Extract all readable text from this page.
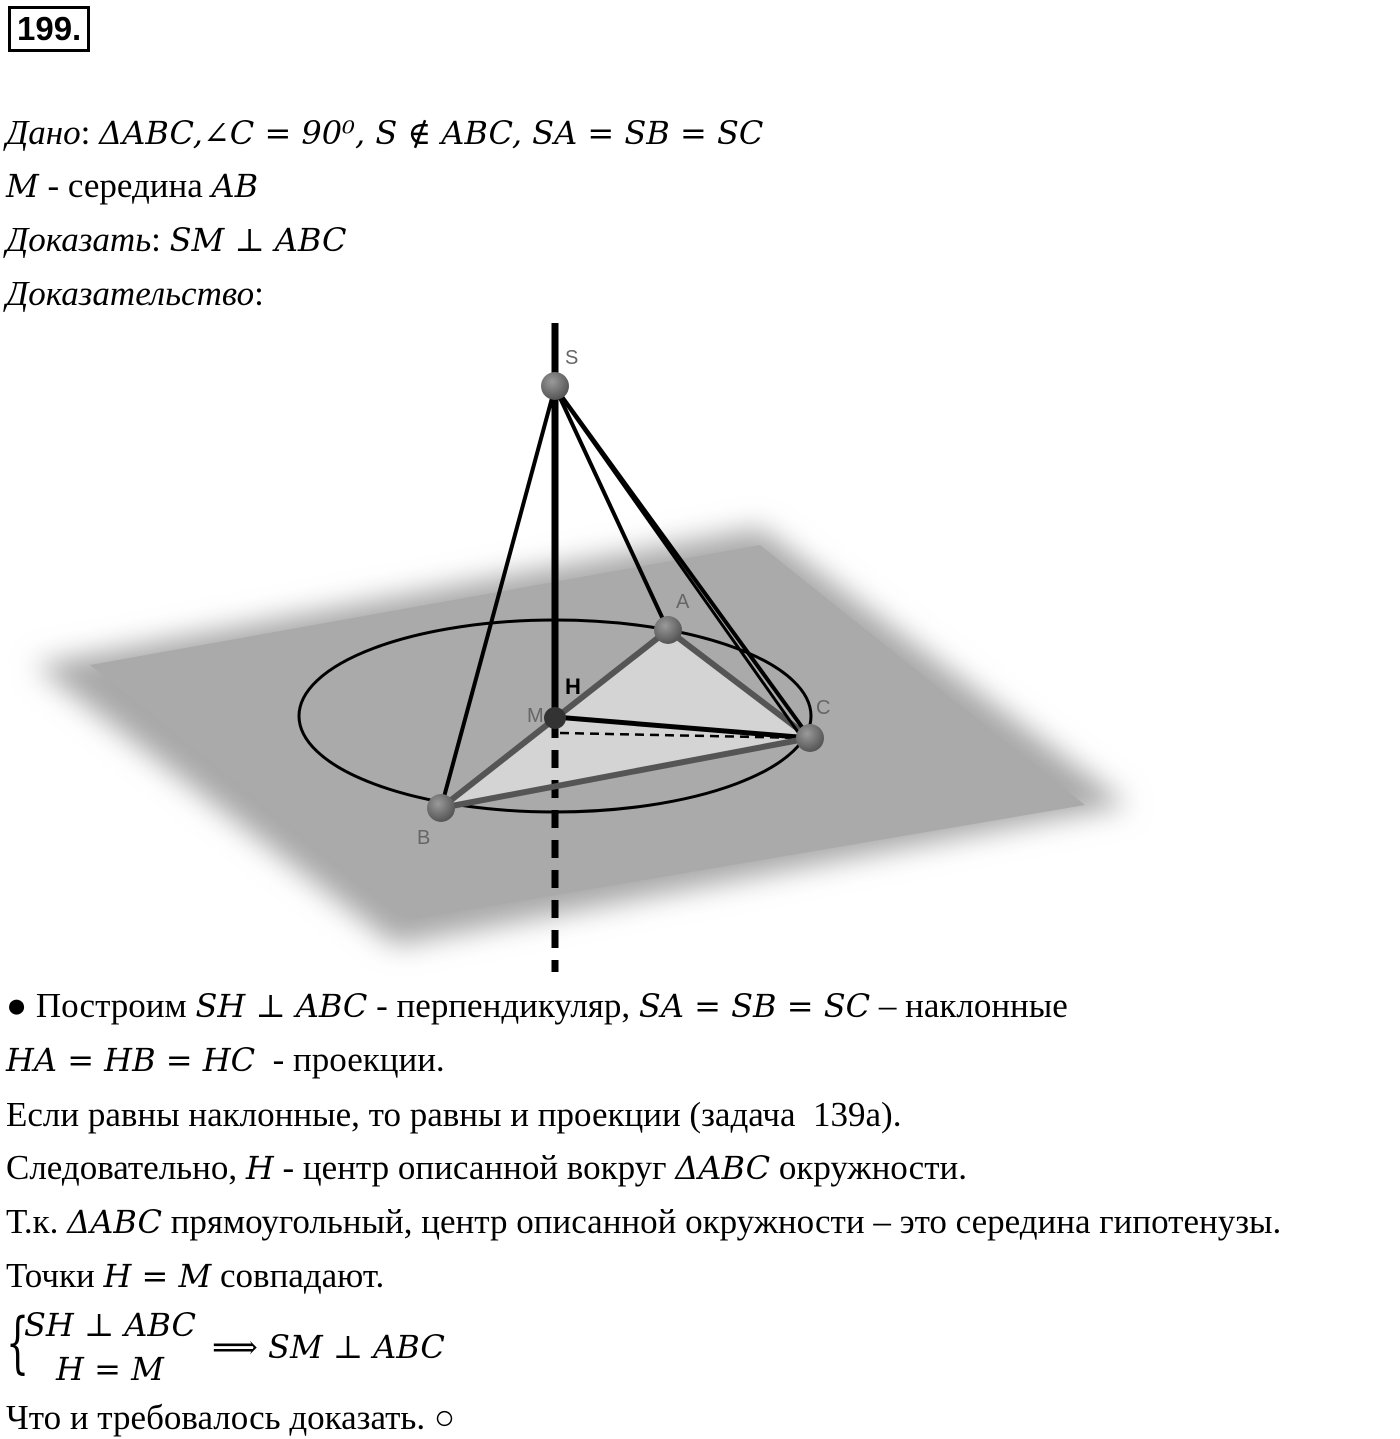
199.
Дано: ΔABC,∠C = 90⁰, S ∉ ABC, SA = SB = SC
M - середина AB
Доказать: SM ⊥ ABC
Доказательство:
S
A
C
B
M
H
● Построим SH ⊥ ABC - перпендикуляр, SA = SB = SC – наклонные
HA = HB = HC  - проекции.
Если равны наклонные, то равны и проекции (задача  139а).
Следовательно, H - центр описанной вокруг ΔABC окружности.
Т.к. ΔABC прямоугольный, центр описанной окружности – это середина гипотенузы.
Точки H = M совпадают.
{
SH ⊥ ABC
H = M
⟹ SM ⊥ ABC
Что и требовалось доказать. ○
